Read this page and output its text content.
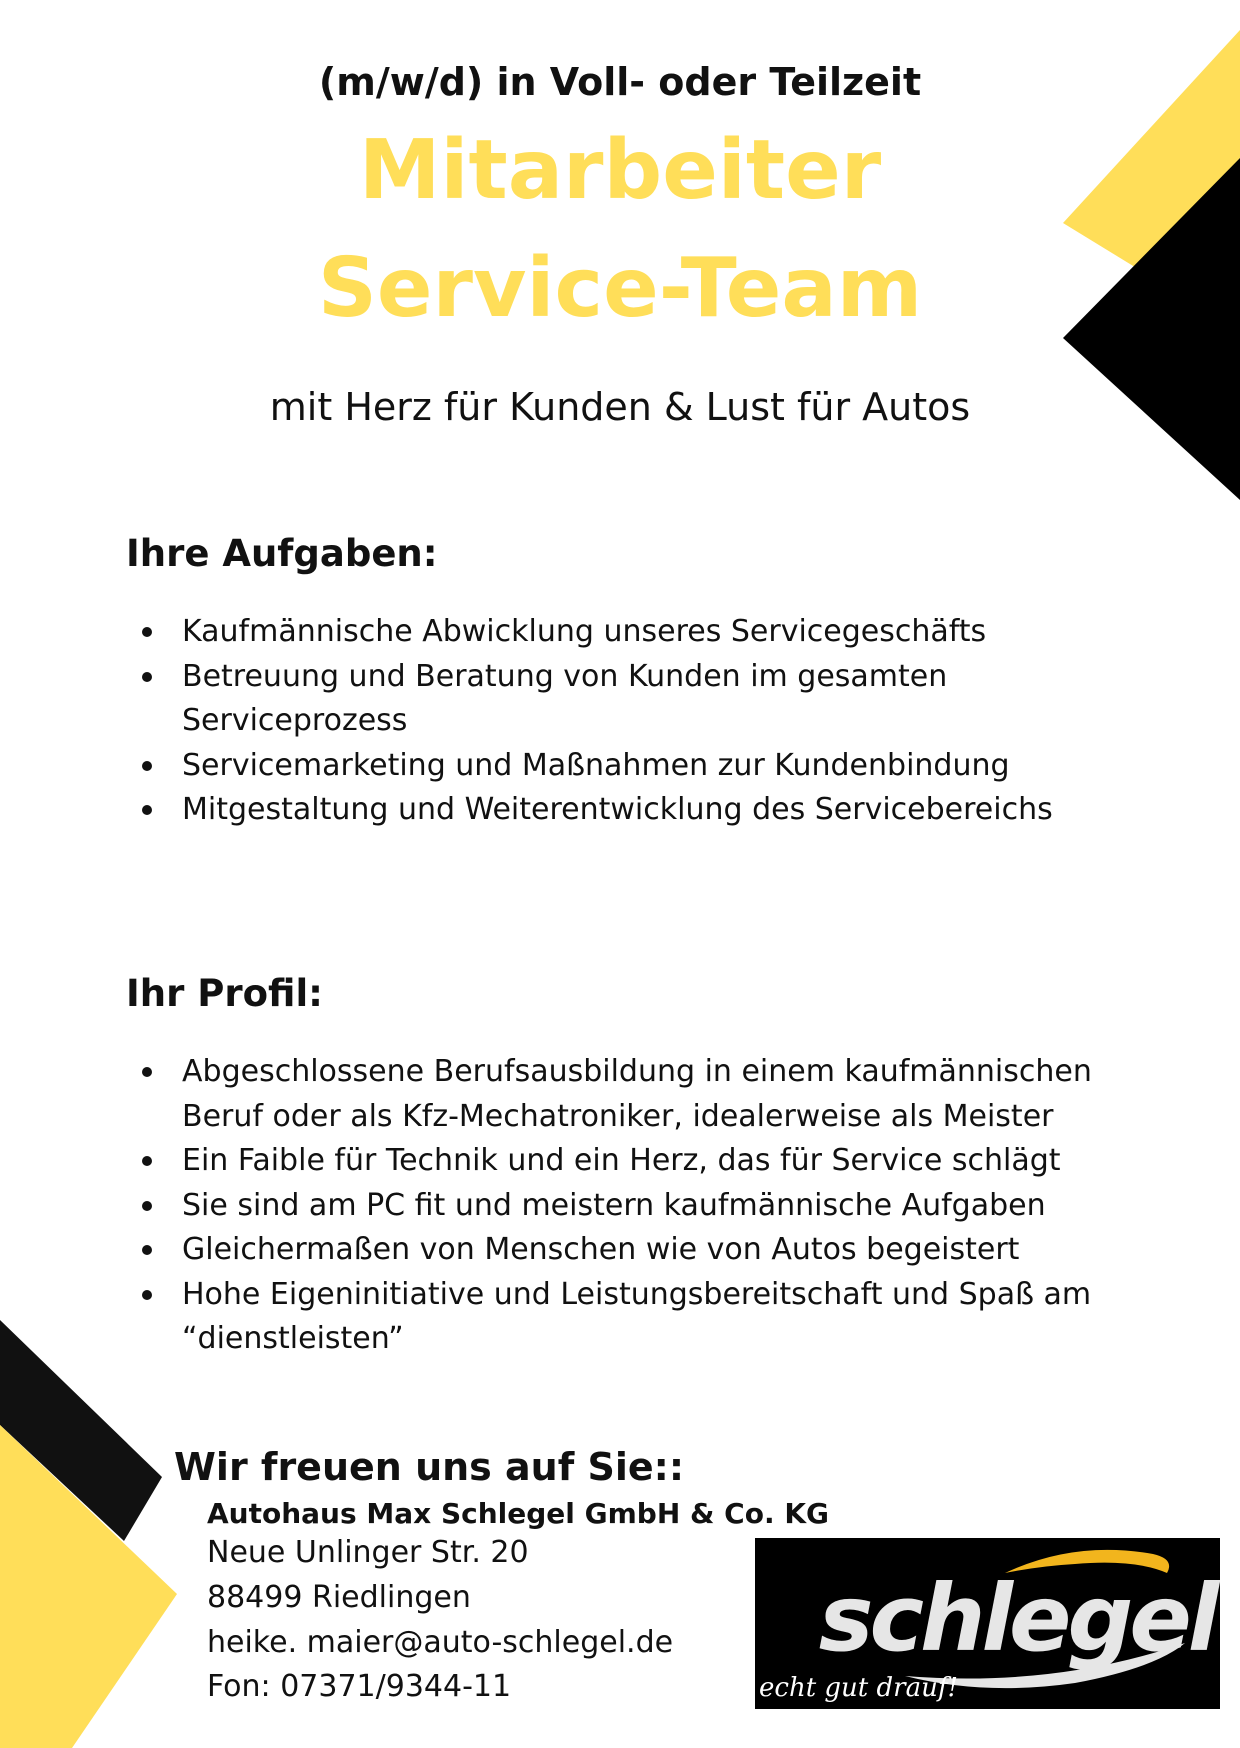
(m/w/d) in Voll- oder Teilzeit
Mitarbeiter
Service-Team
mit Herz für Kunden & Lust für Autos
Ihre Aufgaben:
Kaufmännische Abwicklung unseres Servicegeschäfts
Betreuung und Beratung von Kunden im gesamten Serviceprozess
Servicemarketing und Maßnahmen zur Kundenbindung
Mitgestaltung und Weiterentwicklung des Servicebereichs
Ihr Profil:
Abgeschlossene Berufsausbildung in einem kaufmännischen Beruf oder als Kfz-Mechatroniker, idealerweise als Meister
Ein Faible für Technik und ein Herz, das für Service schlägt
Sie sind am PC fit und meistern kaufmännische Aufgaben
Gleichermaßen von Menschen wie von Autos begeistert
Hohe Eigeninitiative und Leistungsbereitschaft und Spaß am “dienstleisten”
Wir freuen uns auf Sie::
Autohaus Max Schlegel GmbH & Co. KG
Neue Unlinger Str. 20
88499 Riedlingen
heike. maier@auto-schlegel.de
Fon: 07371/9344-11
schlegel
echt gut drauf!
